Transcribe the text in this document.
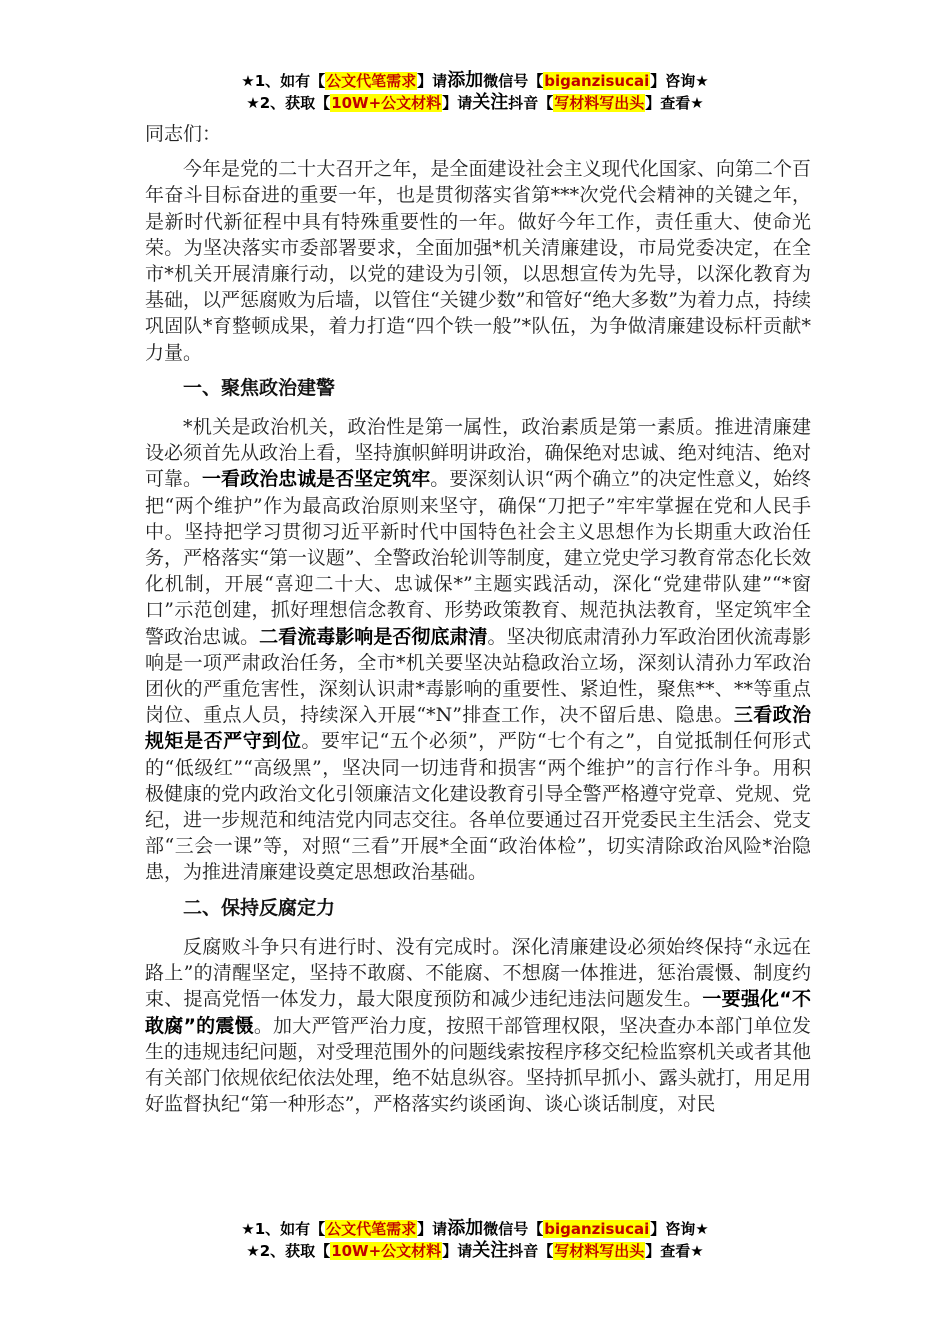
★1、如有【公文代笔需求】请添加微信号【biganzisucai】咨询★
★2、获取【10W+公文材料】请关注抖音【写材料写出头】查看★

同志们：

今年是党的二十大召开之年，是全面建设社会主义现代化国家、向第二个百年奋斗目标奋进的重要一年，也是贯彻落实省第***次党代会精神的关键之年，是新时代新征程中具有特殊重要性的一年。做好今年工作，责任重大、使命光荣。为坚决落实市委部署要求，全面加强*机关清廉建设，市局党委决定，在全市*机关开展清廉行动，以党的建设为引领，以思想宣传为先导，以深化教育为基础，以严惩腐败为后墙，以管住“关键少数”和管好“绝大多数”为着力点，持续巩固队*育整顿成果，着力打造“四个铁一般”*队伍，为争做清廉建设标杆贡献*力量。

一、聚焦政治建警

*机关是政治机关，政治性是第一属性，政治素质是第一素质。推进清廉建设必须首先从政治上看，坚持旗帜鲜明讲政治，确保绝对忠诚、绝对纯洁、绝对可靠。一看政治忠诚是否坚定筑牢。要深刻认识“两个确立”的决定性意义，始终把“两个维护”作为最高政治原则来坚守，确保“刀把子”牢牢掌握在党和人民手中。坚持把学习贯彻习近平新时代中国特色社会主义思想作为长期重大政治任务，严格落实“第一议题”、全警政治轮训等制度，建立党史学习教育常态化长效化机制，开展“喜迎二十大、忠诚保*”主题实践活动，深化“党建带队建”“*窗口”示范创建，抓好理想信念教育、形势政策教育、规范执法教育，坚定筑牢全警政治忠诚。二看流毒影响是否彻底肃清。坚决彻底肃清孙力军政治团伙流毒影响是一项严肃政治任务，全市*机关要坚决站稳政治立场，深刻认清孙力军政治团伙的严重危害性，深刻认识肃*毒影响的重要性、紧迫性，聚焦**、**等重点岗位、重点人员，持续深入开展“*N”排查工作，决不留后患、隐患。三看政治规矩是否严守到位。要牢记“五个必须”，严防“七个有之”，自觉抵制任何形式的“低级红”“高级黑”，坚决同一切违背和损害“两个维护”的言行作斗争。用积极健康的党内政治文化引领廉洁文化建设教育引导全警严格遵守党章、党规、党纪，进一步规范和纯洁党内同志交往。各单位要通过召开党委民主生活会、党支部“三会一课”等，对照“三看”开展*全面“政治体检”，切实清除政治风险*治隐患，为推进清廉建设奠定思想政治基础。

二、保持反腐定力

反腐败斗争只有进行时、没有完成时。深化清廉建设必须始终保持“永远在路上”的清醒坚定，坚持不敢腐、不能腐、不想腐一体推进，惩治震慑、制度约束、提高党悟一体发力，最大限度预防和减少违纪违法问题发生。一要强化“不敢腐”的震慑。加大严管严治力度，按照干部管理权限，坚决查办本部门单位发生的违规违纪问题，对受理范围外的问题线索按程序移交纪检监察机关或者其他有关部门依规依纪依法处理，绝不姑息纵容。坚持抓早抓小、露头就打，用足用好监督执纪“第一种形态”，严格落实约谈函询、谈心谈话制度，对民

★1、如有【公文代笔需求】请添加微信号【biganzisucai】咨询★
★2、获取【10W+公文材料】请关注抖音【写材料写出头】查看★
